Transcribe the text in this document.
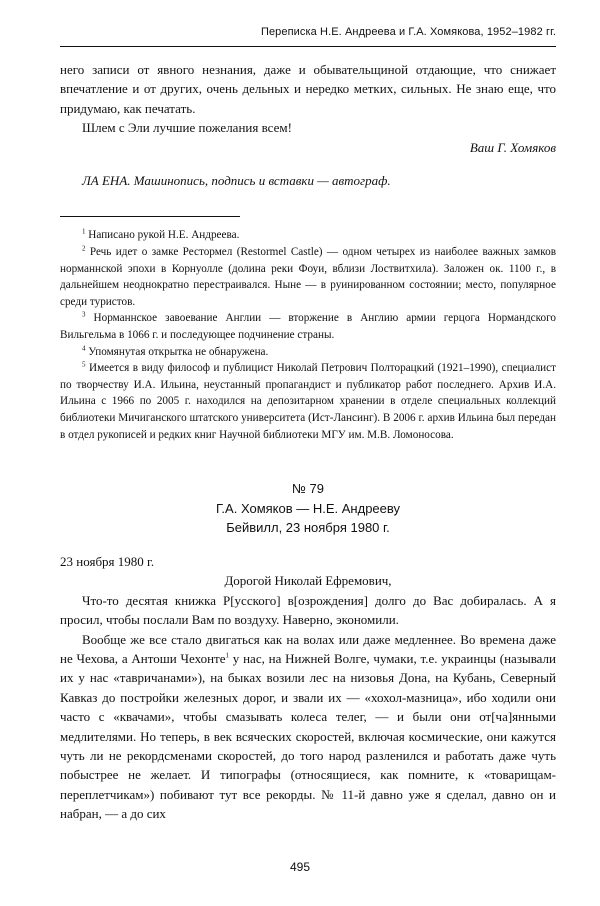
Переписка Н.Е. Андреева и Г.А. Хомякова, 1952–1982 гг.

него записи от явного незнания, даже и обывательщиной отдающие, что снижает впечатление и от других, очень дельных и нередко метких, сильных. Не знаю еще, что придумаю, как печатать.

Шлем с Эли лучшие пожелания всем!

Ваш Г. Хомяков

ЛА ЕНА. Машинопись, подпись и вставки — автограф.

$^1$ Написано рукой Н.Е. Андреева.

$^2$ Речь идет о замке Рестормел (Restormel Castle) — одном четырех из наиболее важных замков норманнской эпохи в Корнуолле (долина реки Фоуи, вблизи Лоствитхила). Заложен ок. 1100 г., в дальнейшем неоднократно перестраивался. Ныне — в руинированном состоянии; место, популярное среди туристов.

$^3$ Норманнское завоевание Англии — вторжение в Англию армии герцога Нормандского Вильгельма в 1066 г. и последующее подчинение страны.

$^4$ Упомянутая открытка не обнаружена.

$^5$ Имеется в виду философ и публицист Николай Петрович Полторацкий (1921–1990), специалист по творчеству И.А. Ильина, неустанный пропагандист и публикатор работ последнего. Архив И.А. Ильина с 1966 по 2005 г. находился на депозитарном хранении в отделе специальных коллекций библиотеки Мичиганского штатского университета (Ист-Лансинг). В 2006 г. архив Ильина был передан в отдел рукописей и редких книг Научной библиотеки МГУ им. М.В. Ломоносова.

№ 79
Г.А. Хомяков — Н.Е. Андрееву
Бейвилл, 23 ноября 1980 г.

23 ноября 1980 г.

Дорогой Николай Ефремович,

Что-то десятая книжка Р[усского] в[озрождения] долго до Вас добиралась. А я просил, чтобы послали Вам по воздуху. Наверно, экономили.

Вообще же все стало двигаться как на волах или даже медленнее. Во времена даже не Чехова, а Антоши Чехонте$^1$ у нас, на Нижней Волге, чумаки, т.е. украинцы (называли их у нас «тавричанами»), на быках возили лес на низовья Дона, на Кубань, Северный Кавказ до постройки железных дорог, и звали их — «хохол-мазница», ибо ходили они часто с «квачами», чтобы смазывать колеса телег, — и были они от[ча]янными медлителями. Но теперь, в век всяческих скоростей, включая космические, они кажутся чуть ли не рекордсменами скоростей, до того народ разленился и работать даже чуть побыстрее не желает. И типографы (относящиеся, как помните, к «товарищам-переплетчикам») побивают тут все рекорды. № 11-й давно уже я сделал, давно он и набран, — а до сих

495
